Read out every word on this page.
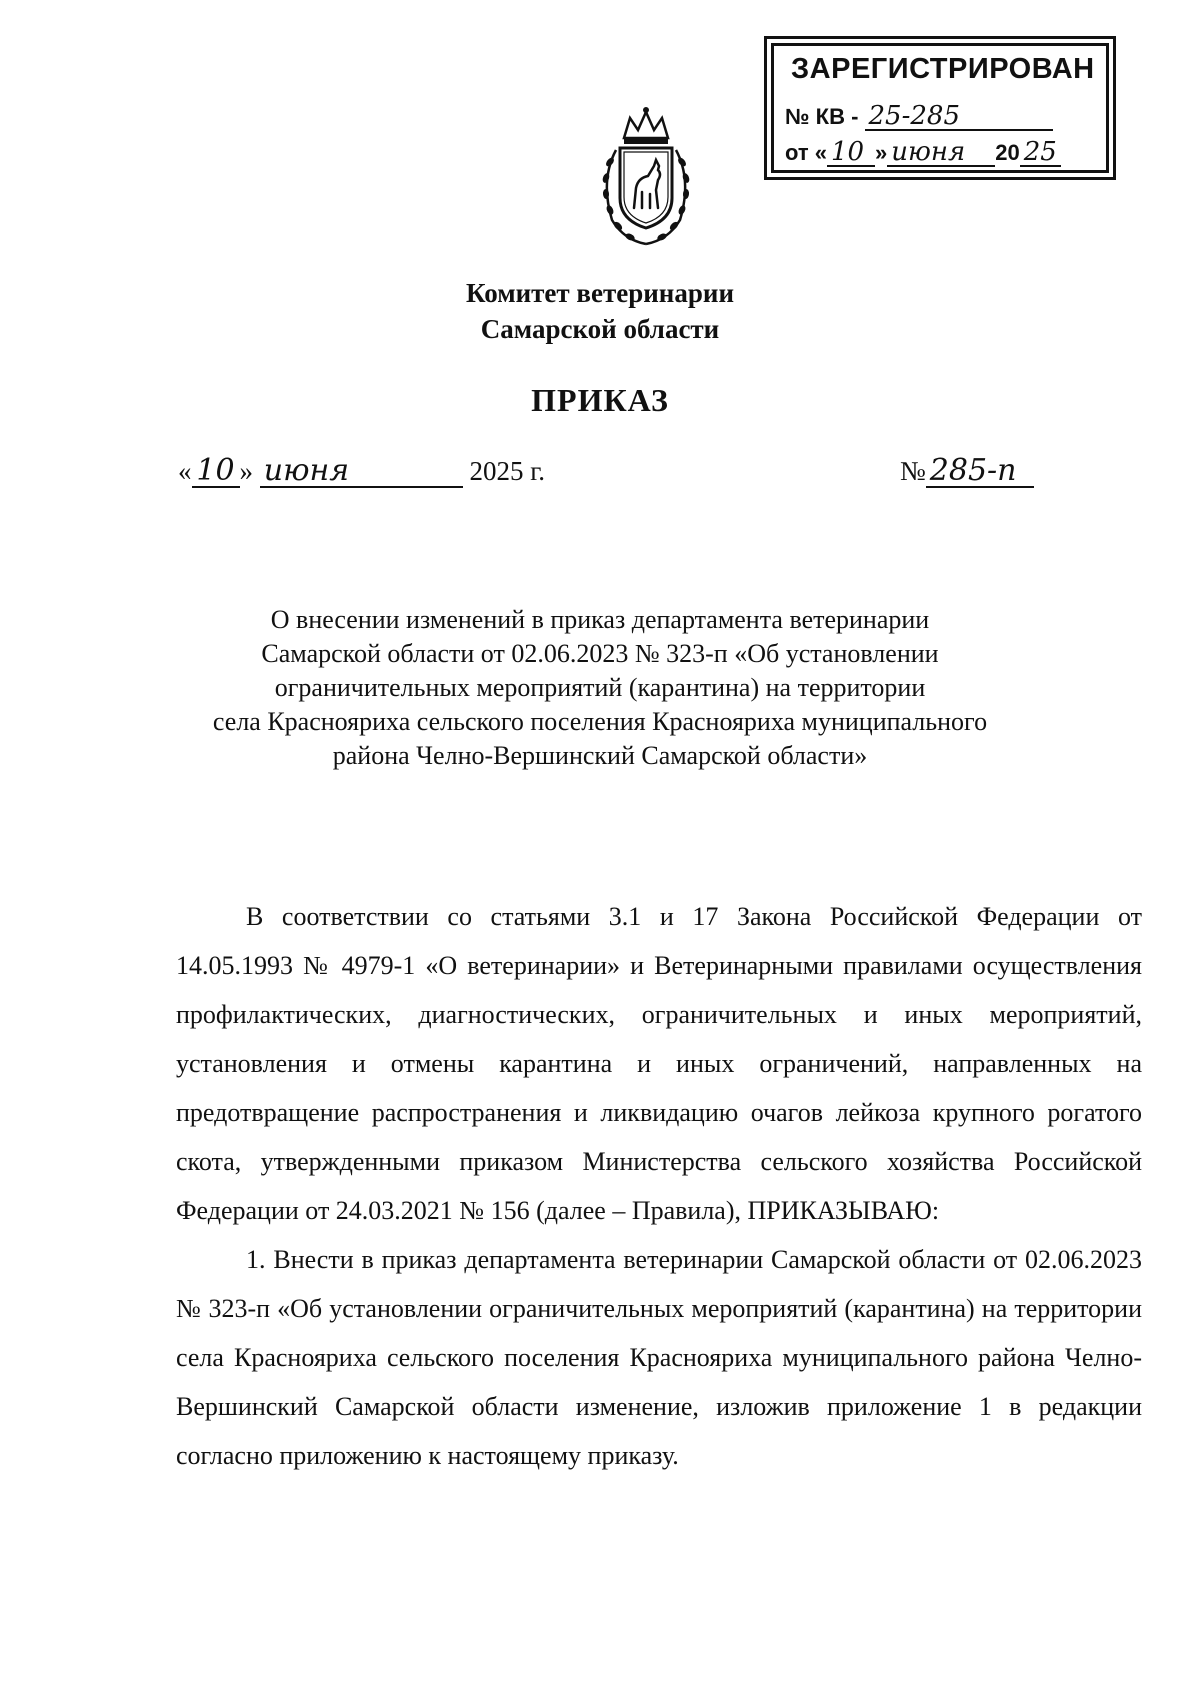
ЗАРЕГИСТРИРОВАН
№ КВ - 25-285
от « 10 » июня 20 25
Комитет ветеринарии
Самарской области
ПРИКАЗ
« 10 » июня	2025 г.	№ 285-п
О внесении изменений в приказ департамента ветеринарии
Самарской области от 02.06.2023 № 323-п «Об установлении
ограничительных мероприятий (карантина) на территории
села Краснояриха сельского поселения Краснояриха муниципального
района Челно-Вершинский Самарской области»

В соответствии со статьями 3.1 и 17 Закона Российской Федерации от 14.05.1993 № 4979-1 «О ветеринарии» и Ветеринарными правилами осуществления профилактических, диагностических, ограничительных и иных мероприятий, установления и отмены карантина и иных ограничений, направленных на предотвращение распространения и ликвидацию очагов лейкоза крупного рогатого скота, утвержденными приказом Министерства сельского хозяйства Российской Федерации от 24.03.2021 № 156 (далее – Правила), ПРИКАЗЫВАЮ:

1. Внести в приказ департамента ветеринарии Самарской области от 02.06.2023 № 323-п «Об установлении ограничительных мероприятий (карантина) на территории села Краснояриха сельского поселения Краснояриха муниципального района Челно-Вершинский Самарской области изменение, изложив приложение 1 в редакции согласно приложению к настоящему приказу.
